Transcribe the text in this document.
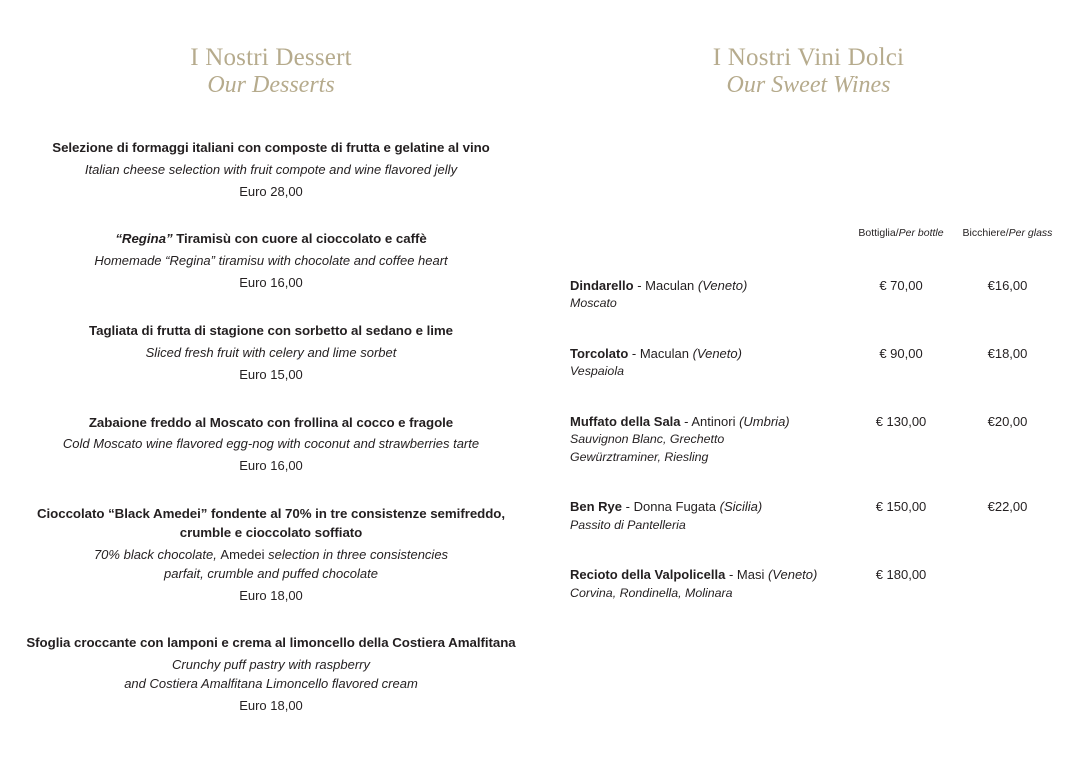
I Nostri Dessert
Our Desserts
Selezione di formaggi italiani con composte di frutta e gelatine al vino
Italian cheese selection with fruit compote and wine flavored jelly
Euro 28,00
“Regina” Tiramisù con cuore al cioccolato e caffè
Homemade “Regina” tiramisu with chocolate and coffee heart
Euro 16,00
Tagliata di frutta di stagione con sorbetto al sedano e lime
Sliced fresh fruit with celery and lime sorbet
Euro 15,00
Zabaione freddo al Moscato con frollina al cocco e fragole
Cold Moscato wine flavored egg-nog with coconut and strawberries tarte
Euro 16,00
Cioccolato “Black Amedei” fondente al 70% in tre consistenze semifreddo, crumble e cioccolato soffiato
70% black chocolate, Amedei selection in three consistencies
parfait, crumble and puffed chocolate
Euro 18,00
Sfoglia croccante con lamponi e crema al limoncello della Costiera Amalfitana
Crunchy puff pastry with raspberry
and Costiera Amalfitana Limoncello flavored cream
Euro 18,00
I Nostri Vini Dolci
Our Sweet Wines
	Bottiglia/Per bottle	Bicchiere/Per glass

Dindarello - Maculan (Veneto)
Moscato	€ 70,00	€16,00

Torcolato - Maculan (Veneto)
Vespaiola	€ 90,00	€18,00

Muffato della Sala - Antinori (Umbria)
Sauvignon Blanc, Grechetto
Gewürztraminer, Riesling	€ 130,00	€20,00

Ben Rye - Donna Fugata (Sicilia)
Passito di Pantelleria	€ 150,00	€22,00

Recioto della Valpolicella - Masi (Veneto)
Corvina, Rondinella, Molinara	€ 180,00	
